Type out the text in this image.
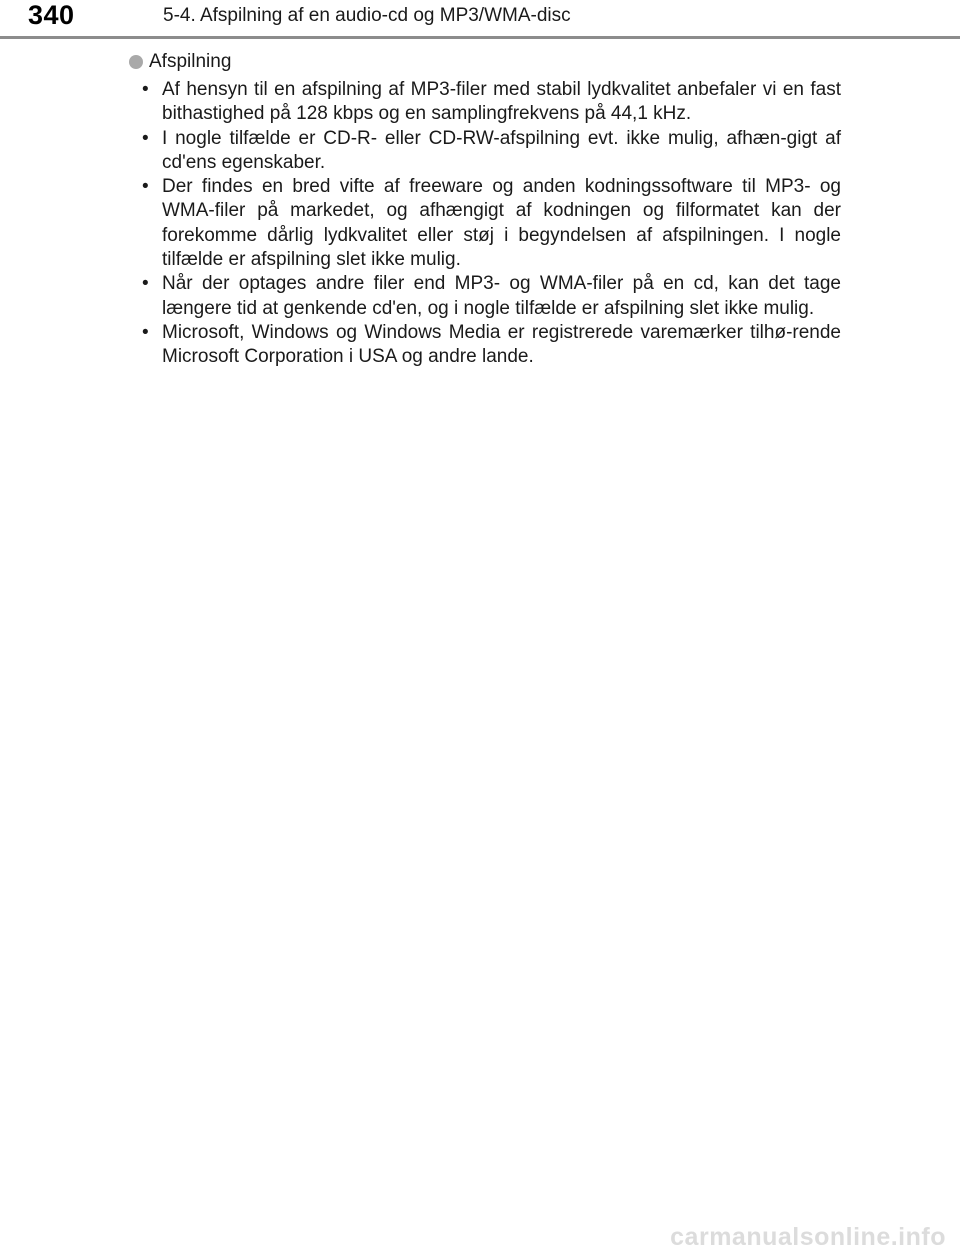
340	5-4. Afspilning af en audio-cd og MP3/WMA-disc
Afspilning
• Af hensyn til en afspilning af MP3-filer med stabil lydkvalitet anbefaler vi en fast bithastighed på 128 kbps og en samplingfrekvens på 44,1 kHz.
• I nogle tilfælde er CD-R- eller CD-RW-afspilning evt. ikke mulig, afhæn-gigt af cd'ens egenskaber.
• Der findes en bred vifte af freeware og anden kodningssoftware til MP3- og WMA-filer på markedet, og afhængigt af kodningen og filformatet kan der forekomme dårlig lydkvalitet eller støj i begyndelsen af afspilningen. I nogle tilfælde er afspilning slet ikke mulig.
• Når der optages andre filer end MP3- og WMA-filer på en cd, kan det tage længere tid at genkende cd'en, og i nogle tilfælde er afspilning slet ikke mulig.
• Microsoft, Windows og Windows Media er registrerede varemærker tilhø-rende Microsoft Corporation i USA og andre lande.
carmanualsonline.info
